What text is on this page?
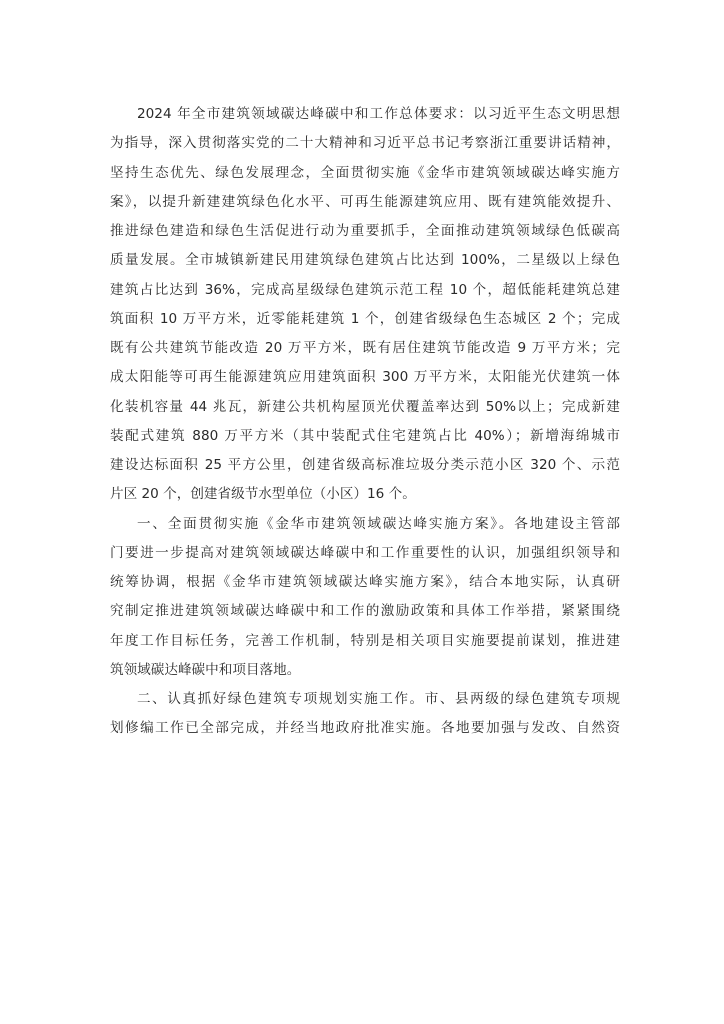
2024 年全市建筑领域碳达峰碳中和工作总体要求：以习近平生态文明思想
为指导，深入贯彻落实党的二十大精神和习近平总书记考察浙江重要讲话精神，
坚持生态优先、绿色发展理念，全面贯彻实施《金华市建筑领域碳达峰实施方
案》，以提升新建建筑绿色化水平、可再生能源建筑应用、既有建筑能效提升、
推进绿色建造和绿色生活促进行动为重要抓手，全面推动建筑领域绿色低碳高
质量发展。全市城镇新建民用建筑绿色建筑占比达到 100%，二星级以上绿色
建筑占比达到 36%，完成高星级绿色建筑示范工程 10 个，超低能耗建筑总建
筑面积 10 万平方米，近零能耗建筑 1 个，创建省级绿色生态城区 2 个；完成
既有公共建筑节能改造 20 万平方米，既有居住建筑节能改造 9 万平方米；完
成太阳能等可再生能源建筑应用建筑面积 300 万平方米，太阳能光伏建筑一体
化装机容量 44 兆瓦，新建公共机构屋顶光伏覆盖率达到 50%以上；完成新建
装配式建筑 880 万平方米（其中装配式住宅建筑占比 40%）；新增海绵城市
建设达标面积 25 平方公里，创建省级高标准垃圾分类示范小区 320 个、示范
片区 20 个，创建省级节水型单位（小区）16 个。
一、全面贯彻实施《金华市建筑领域碳达峰实施方案》。各地建设主管部
门要进一步提高对建筑领域碳达峰碳中和工作重要性的认识，加强组织领导和
统筹协调，根据《金华市建筑领域碳达峰实施方案》，结合本地实际，认真研
究制定推进建筑领域碳达峰碳中和工作的激励政策和具体工作举措，紧紧围绕
年度工作目标任务，完善工作机制，特别是相关项目实施要提前谋划，推进建
筑领域碳达峰碳中和项目落地。
二、认真抓好绿色建筑专项规划实施工作。市、县两级的绿色建筑专项规
划修编工作已全部完成，并经当地政府批准实施。各地要加强与发改、自然资
